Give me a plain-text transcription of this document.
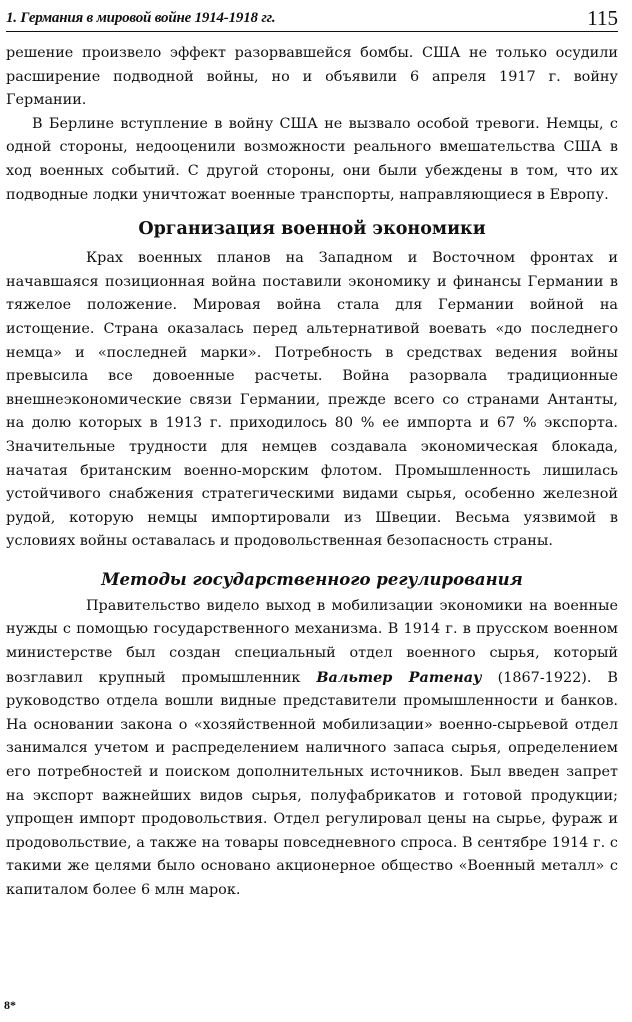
1. Германия в мировой войне 1914-1918 гг.	115

решение произвело эффект разорвавшейся бомбы. США не только осудили расширение подводной войны, но и объявили 6 апреля 1917 г. войну Германии.

В Берлине вступление в войну США не вызвало особой тревоги. Немцы, с одной стороны, недооценили возможности реального вмешательства США в ход военных событий. С другой стороны, они были убеждены в том, что их подводные лодки уничтожат военные транспорты, направляющиеся в Европу.

Организация военной экономики

Крах военных планов на Западном и Восточном фронтах и начавшаяся позиционная война поставили экономику и финансы Германии в тяжелое положение. Мировая война стала для Германии войной на истощение. Страна оказалась перед альтернативой воевать «до последнего немца» и «последней марки». Потребность в средствах ведения войны превысила все довоенные расчеты. Война разорвала традиционные внешнеэкономические связи Германии, прежде всего со странами Антанты, на долю которых в 1913 г. приходилось 80 % ее импорта и 67 % экспорта. Значительные трудности для немцев создавала экономическая блокада, начатая британским военно-морским флотом. Промышленность лишилась устойчивого снабжения стратегическими видами сырья, особенно железной рудой, которую немцы импортировали из Швеции. Весьма уязвимой в условиях войны оставалась и продовольственная безопасность страны.

Методы государственного регулирования

Правительство видело выход в мобилизации экономики на военные нужды с помощью государственного механизма. В 1914 г. в прусском военном министерстве был создан специальный отдел военного сырья, который возглавил крупный промышленник Вальтер Ратенау (1867-1922). В руководство отдела вошли видные представители промышленности и банков. На основании закона о «хозяйственной мобилизации» военно-сырьевой отдел занимался учетом и распределением наличного запаса сырья, определением его потребностей и поиском дополнительных источников. Был введен запрет на экспорт важнейших видов сырья, полуфабрикатов и готовой продукции; упрощен импорт продовольствия. Отдел регулировал цены на сырье, фураж и продовольствие, а также на товары повседневного спроса. В сентябре 1914 г. с такими же целями было основано акционерное общество «Военный металл» с капиталом более 6 млн марок.

8*
